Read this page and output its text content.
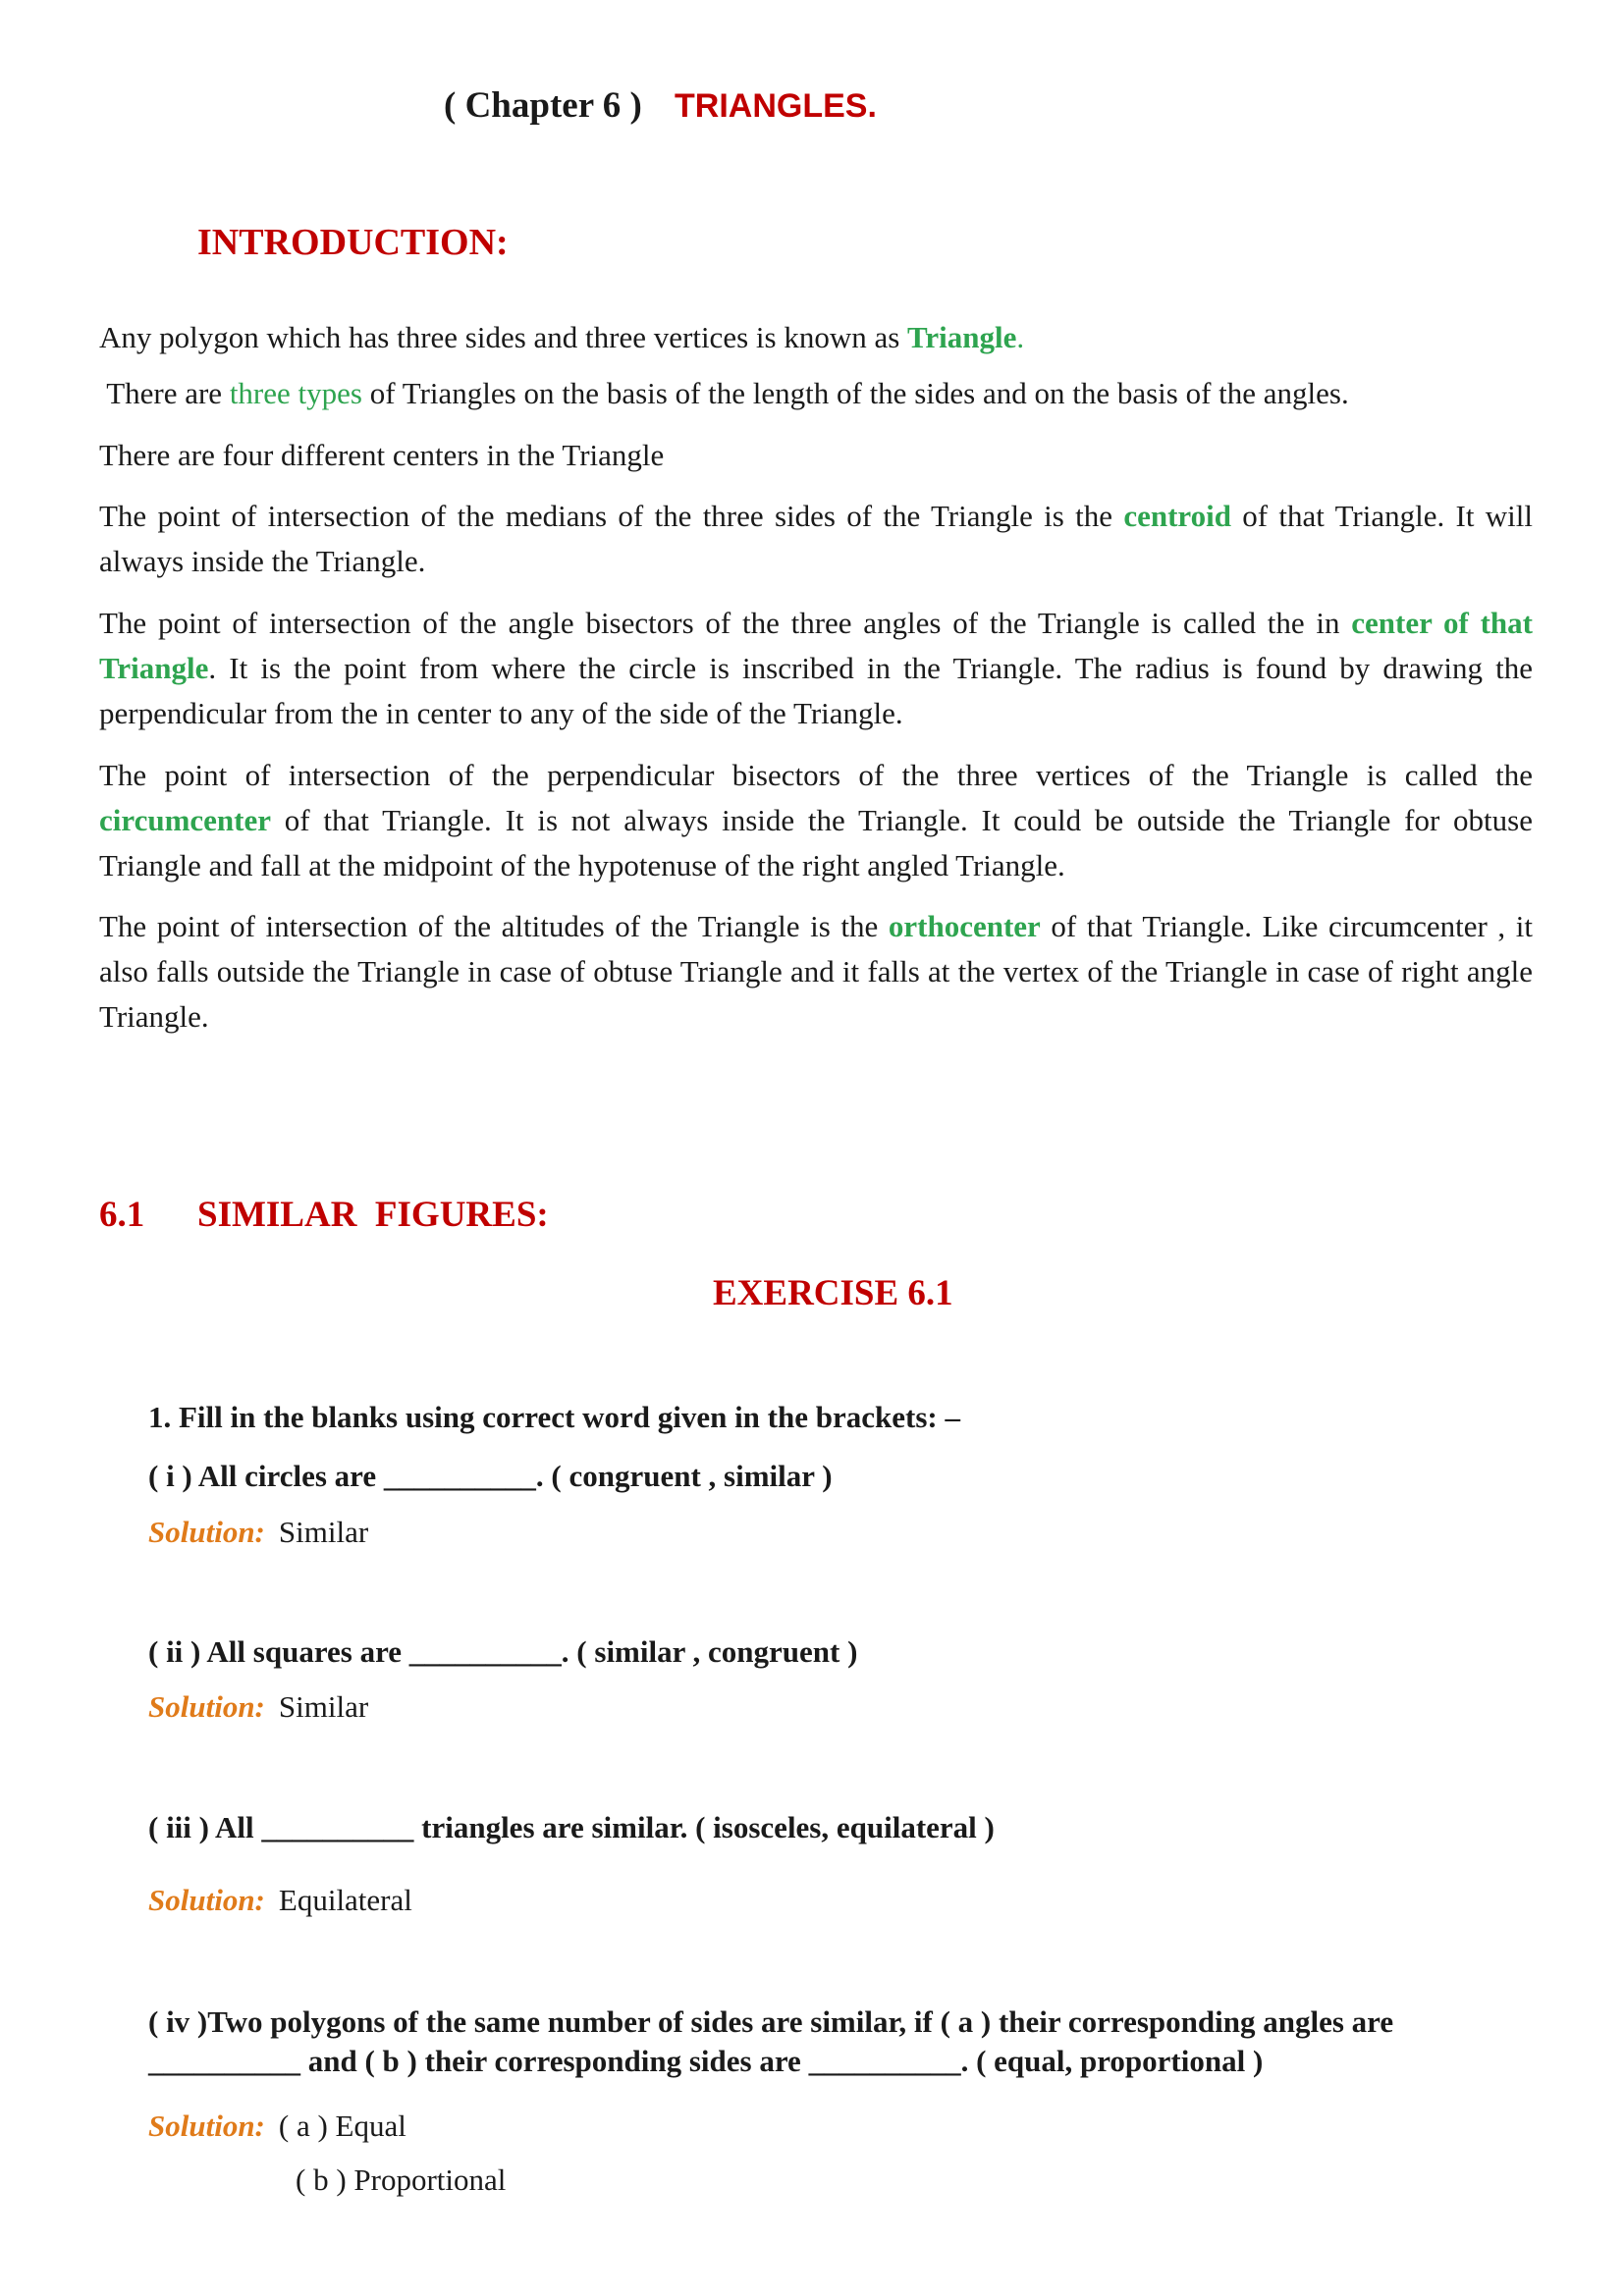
( Chapter 6 ) TRIANGLES.
INTRODUCTION:
Any polygon which has three sides and three vertices is known as Triangle.
There are three types of Triangles on the basis of the length of the sides and on the basis of the angles.
There are four different centers in the Triangle
The point of intersection of the medians of the three sides of the Triangle is the centroid of that Triangle. It will always inside the Triangle.
The point of intersection of the angle bisectors of the three angles of the Triangle is called the in center of that Triangle. It is the point from where the circle is inscribed in the Triangle. The radius is found by drawing the perpendicular from the in center to any of the side of the Triangle.
The point of intersection of the perpendicular bisectors of the three vertices of the Triangle is called the circumcenter of that Triangle. It is not always inside the Triangle. It could be outside the Triangle for obtuse Triangle and fall at the midpoint of the hypotenuse of the right angled Triangle.
The point of intersection of the altitudes of the Triangle is the orthocenter of that Triangle. Like circumcenter , it also falls outside the Triangle in case of obtuse Triangle and it falls at the vertex of the Triangle in case of right angle Triangle.
6.1 SIMILAR  FIGURES:
EXERCISE 6.1
1. Fill in the blanks using correct word given in the brackets: –
( i ) All circles are __________. ( congruent , similar )
Solution: Similar
( ii ) All squares are __________. ( similar , congruent )
Solution: Similar
( iii ) All __________ triangles are similar. ( isosceles, equilateral )
Solution: Equilateral
( iv )Two polygons of the same number of sides are similar, if ( a ) their corresponding angles are __________ and ( b ) their corresponding sides are __________. ( equal, proportional )
Solution: ( a ) Equal
( b ) Proportional
